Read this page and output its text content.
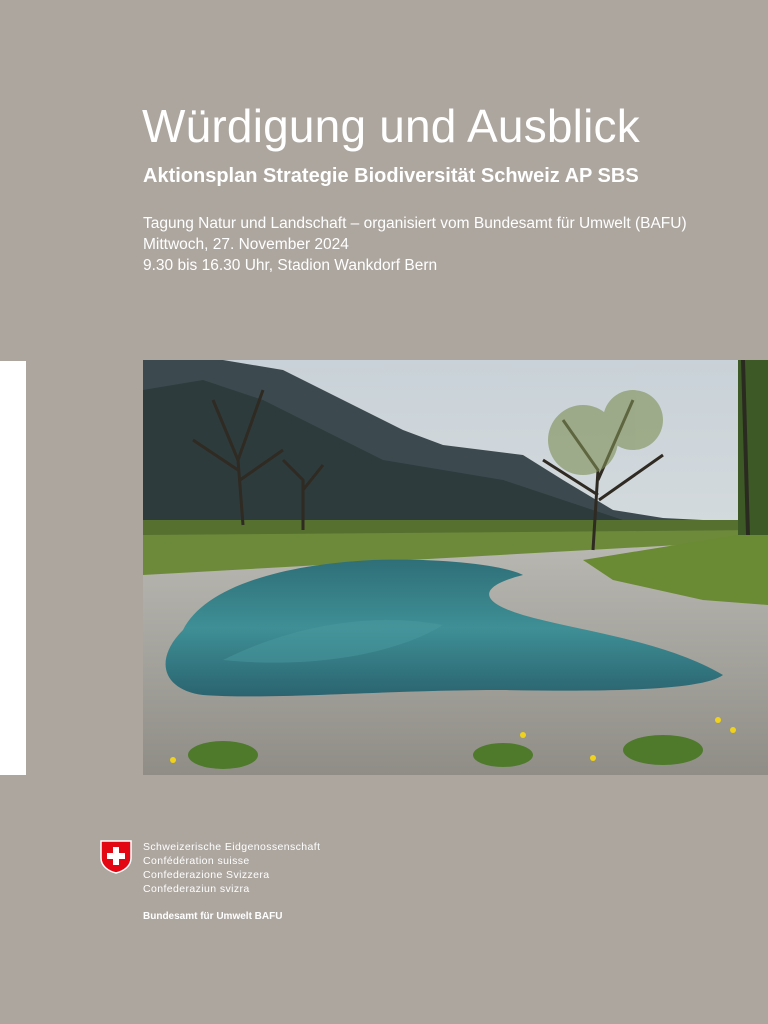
Würdigung und Ausblick
Aktionsplan Strategie Biodiversität Schweiz AP SBS
Tagung Natur und Landschaft – organisiert vom Bundesamt für Umwelt (BAFU)
Mittwoch, 27. November 2024
9.30 bis 16.30 Uhr, Stadion Wankdorf Bern
Schweizerische Eidgenossenschaft
Confédération suisse
Confederazione Svizzera
Confederaziun svizra
Bundesamt für Umwelt BAFU
